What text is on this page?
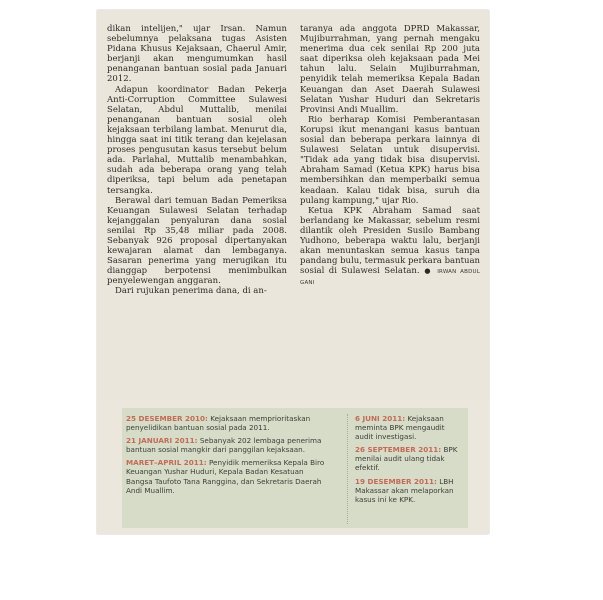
dikan intelijen," ujar Irsan. Namun sebelumnya pelaksana tugas Asisten Pidana Khusus Kejaksaan, Chaerul Amir, berjanji akan mengumumkan hasil penanganan bantuan sosial pada Januari 2012.

Adapun koordinator Badan Pekerja Anti-Corruption Committee Sulawesi Selatan, Abdul Muttalib, menilai penanganan bantuan sosial oleh kejaksaan terbilang lambat. Menurut dia, hingga saat ini titik terang dan kejelasan proses pengusutan kasus tersebut belum ada. Parlahal, Muttalib menambahkan, sudah ada beberapa orang yang telah diperiksa, tapi belum ada penetapan tersangka.

Berawal dari temuan Badan Pemeriksa Keuangan Sulawesi Selatan terhadap kejanggalan penyaluran dana sosial senilai Rp 35,48 miliar pada 2008. Sebanyak 926 proposal dipertanyakan kewajaran alamat dan lembaganya. Sasaran penerima yang merugikan itu dianggap berpotensi menimbulkan penyelewengan anggaran.

Dari rujukan penerima dana, di an-

taranya ada anggota DPRD Makassar, Mujiburrahman, yang pernah mengaku menerima dua cek senilai Rp 200 juta saat diperiksa oleh kejaksaan pada Mei tahun lalu. Selain Mujiburrahman, penyidik telah memeriksa Kepala Badan Keuangan dan Aset Daerah Sulawesi Selatan Yushar Huduri dan Sekretaris Provinsi Andi Muallim.

Rio berharap Komisi Pemberantasan Korupsi ikut menangani kasus bantuan sosial dan beberapa perkara lainnya di Sulawesi Selatan untuk disupervisi. "Tidak ada yang tidak bisa disupervisi. Abraham Samad (Ketua KPK) harus bisa membersihkan dan memperbaiki semua keadaan. Kalau tidak bisa, suruh dia pulang kampung," ujar Rio.

Ketua KPK Abraham Samad saat berlandang ke Makassar, sebelum resmi dilantik oleh Presiden Susilo Bambang Yudhono, beberapa waktu lalu, berjanji akan menuntaskan semua kasus tanpa pandang bulu, termasuk perkara bantuan sosial di Sulawesi Selatan. ● IRWAN ABDUL GANI

25 DESEMBER 2010: Kejaksaan memprioritaskan penyelidikan bantuan sosial pada 2011.

21 JANUARI 2011: Sebanyak 202 lembaga penerima bantuan sosial mangkir dari panggilan kejaksaan.

MARET–APRIL 2011: Penyidik memeriksa Kepala Biro Keuangan Yushar Huduri, Kepala Badan Kesatuan Bangsa Taufoto Tana Ranggina, dan Sekretaris Daerah Andi Muallim.

6 JUNI 2011: Kejaksaan meminta BPK mengaudit audit investigasi.

26 SEPTEMBER 2011: BPK menilai audit ulang tidak efektif.

19 DESEMBER 2011: LBH Makassar akan melaporkan kasus ini ke KPK.
